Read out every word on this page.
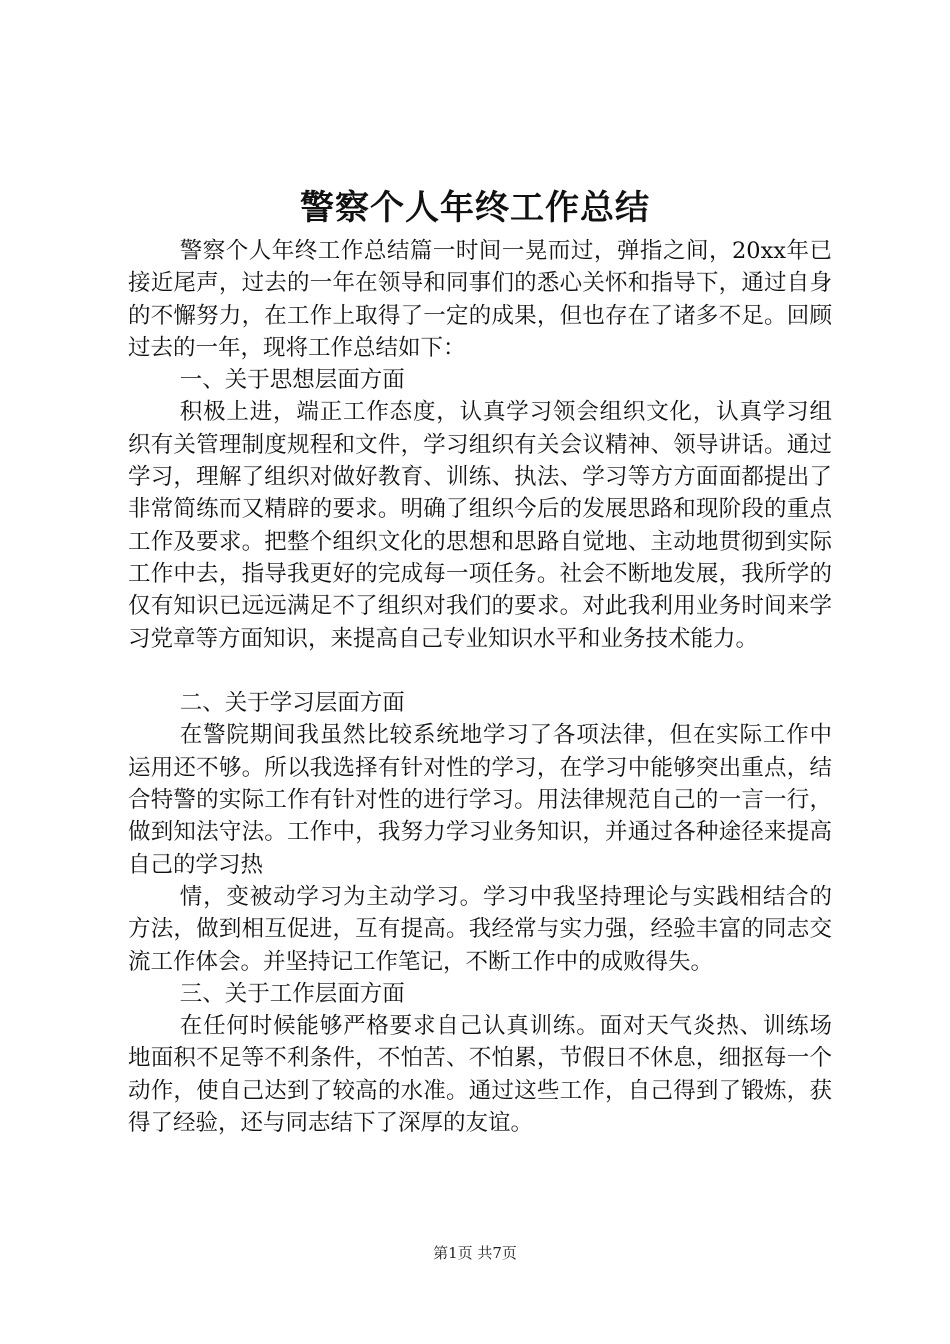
警察个人年终工作总结

警察个人年终工作总结篇一时间一晃而过，弹指之间，20xx年已接近尾声，过去的一年在领导和同事们的悉心关怀和指导下，通过自身的不懈努力，在工作上取得了一定的成果，但也存在了诸多不足。回顾过去的一年，现将工作总结如下：

一、关于思想层面方面

积极上进，端正工作态度，认真学习领会组织文化，认真学习组织有关管理制度规程和文件，学习组织有关会议精神、领导讲话。通过学习，理解了组织对做好教育、训练、执法、学习等方方面面都提出了非常简练而又精辟的要求。明确了组织今后的发展思路和现阶段的重点工作及要求。把整个组织文化的思想和思路自觉地、主动地贯彻到实际工作中去，指导我更好的完成每一项任务。社会不断地发展，我所学的仅有知识已远远满足不了组织对我们的要求。对此我利用业务时间来学习党章等方面知识，来提高自己专业知识水平和业务技术能力。

二、关于学习层面方面

在警院期间我虽然比较系统地学习了各项法律，但在实际工作中运用还不够。所以我选择有针对性的学习，在学习中能够突出重点，结合特警的实际工作有针对性的进行学习。用法律规范自己的一言一行，做到知法守法。工作中，我努力学习业务知识，并通过各种途径来提高自己的学习热

情，变被动学习为主动学习。学习中我坚持理论与实践相结合的方法，做到相互促进，互有提高。我经常与实力强，经验丰富的同志交流工作体会。并坚持记工作笔记，不断工作中的成败得失。

三、关于工作层面方面

在任何时候能够严格要求自己认真训练。面对天气炎热、训练场地面积不足等不利条件，不怕苦、不怕累，节假日不休息，细抠每一个动作，使自己达到了较高的水准。通过这些工作，自己得到了锻炼，获得了经验，还与同志结下了深厚的友谊。

第1页 共7页
